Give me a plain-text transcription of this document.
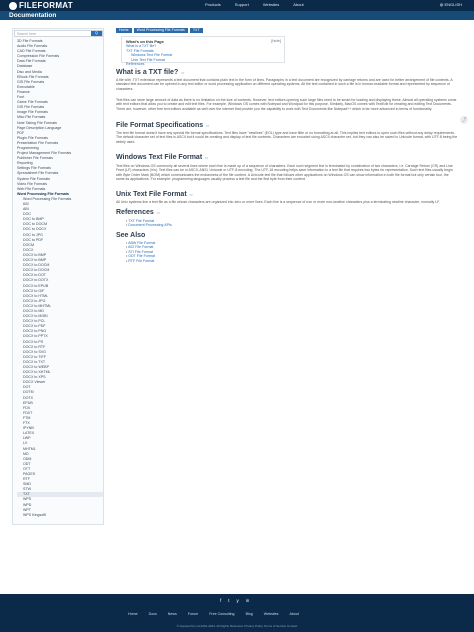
FILEFORMAT	Products	Support	Websites	About	◍ ENGLISH
Documentation
Search here	Q
3D File Formats
Audio File Formats
CAD File Formats
Compression File Formats
Data File Formats
Database
Disc and Media
EBook File Formats
GIS File Formats
Executable
Finance
Font
Game File Formats
GIS File Formats
Image File Formats
Misc File Formats
Note Taking File Formats
Page Description Language
PDF
Plugin File Formats
Presentation File Formats
Programming
Project Management File Formats
Publisher File Formats
Reporting
Settings File Formats
Spreadsheet File Formats
System File Formats
Video File Formats
Web File Formats
Word Processing File Formats
Word Processing File Formats
602
ABI
DOC
DOC to BMP
DOC to DOCM
DOC to DOCX
DOC to JPG
DOC to PDF
DOCM
DOCX
DOCX to BMP
DOCX to BMP
DOCX to DOCM
DOCX to DOCM
DOCX to DOT
DOCX to DOTX
DOCX to EPUB
DOCX to GIF
DOCX to HTML
DOCX to JPG
DOCX to MHTML
DOCX to MD
DOCX to MOBI
DOCX to PCL
DOCX to PDF
DOCX to PNG
DOCX to PPTX
DOCX to PS
DOCX to RTF
DOCX to SVG
DOCX to TIFF
DOCX to TXT
DOCX to WEBP
DOCX to XHTML
DOCX to XPS
DOCX Viewer
DOT
DOTM
DOTX
EPUB
FDX
FDXT
FTM
FTX
IPYNB
LATEX
LWP
LX
MHTML
MD
ODM
ODT
OTT
PAGES
RTF
SMD
STW
TXT
WPS
WPD
WPT
WPS KingsoftI
Home	Word Processing File Formats	TXT
[hide]
What's on this Page
What is a TXT file?
TXT File Formats
Windows Text File Format
Unix Text File Format
References
What is a TXT file? ⇔
A file with .TXT extension represents a text document that contains plain text in the form of lines. Paragraphs in a text document are recognized by carriage returns and are used for better arrangement of file contents. A standard text document can be opened in any text editor or word processing application on different operating systems. All the text contained in such a file is in human-readable format and represented by sequence of characters.
Text files can store large amount of data as there is no limitation on the size of contents. However, text editors opening such large files need to be smart for loading and displaying these. Almost all operating systems come with text editors that allow you to create and edit text files. For example, Windows OS comes with Notepad and Wordpad for this purpose. Similarly, MacOS comes with TextEdit for creating and editing Text Documents. There are, however, other free text editors available as well over the internet that provide you the capability to work with Text Documents like Notepad++ which is far more advanced in terms of functionality.
File Format Specifications ⇔
The text file format doesn't have any special file format specifications. Text files have "newlines" (EOL) type and have little or no formatting at all. This implies text editors to open such files without any delay requirements. The default character set of text files is ASCII but it could be creating and display of text file contents. Characters are encoded using ASCII character set, but they can also be saved in Unicode format, with UTF-8 being the widely used.
Windows Text File Format ⇔
Text files on Windows OS commonly all several lines where each line is made up of a sequence of characters. Each such segment line is terminated by combination of two characters, i.e. Carriage Return (CR) and Line Feed (LF) characters (\r\n). Text files can be in ASCII, ANSI, Unicode or UTF-8 encoding. The UTF-16 encoding helps save information in a text file that requires two bytes for representation. Such text files usually begin with Byte Order Mark (BOM) which communicates the endianness of the file content. A Unicode text file that follows other applications on Windows OS can show information in both file format but only certain tool, the same as applications. For example: programming languages usually process a text file and the first byte from their content.
Unix Text File Format ⇔
All Unix systems line a text file as a file whose characters are organized into zero or more lines. Each line is a sequence of non or more non-newline characters plus a terminating newline character, normally LF.
References ⇔
• TXT File Format
• Document Processing APIs
See Also
• ABW File Format
• 602 File Format
• STI File Format
• ODT File Format
• RTF File Format
⤴
f t y in
Home	Docs	News	Forum	Free Consulting	Blog	Websites	About
© Aspose Pty Ltd 2001-2024. All Rights Reserved. Privacy Policy Terms of Service Contact
